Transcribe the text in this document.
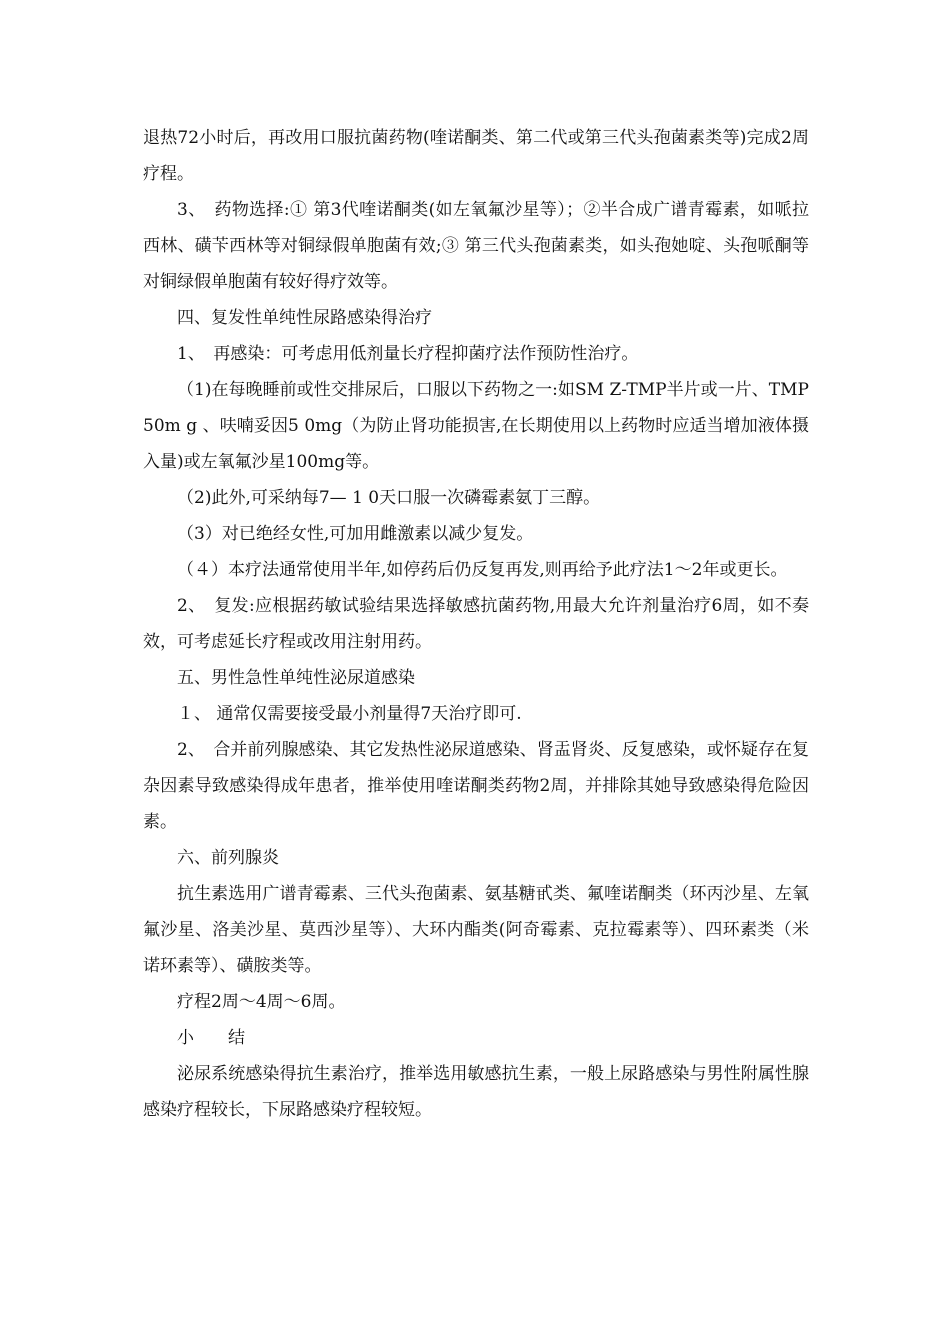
退热72小时后，再改用口服抗菌药物(喹诺酮类、第二代或第三代头孢菌素类等)完成2周疗程。

3、　药物选择:① 第3代喹诺酮类(如左氧氟沙星等）；②半合成广谱青霉素，如哌拉西林、磺苄西林等对铜绿假单胞菌有效;③ 第三代头孢菌素类，如头孢她啶、头孢哌酮等对铜绿假单胞菌有较好得疗效等。

四、复发性单纯性尿路感染得治疗

1、　再感染：可考虑用低剂量长疗程抑菌疗法作预防性治疗。

（1)在每晚睡前或性交排尿后，口服以下药物之一:如SM Z-TMP半片或一片、TMP50m g 、呋喃妥因5 0mg（为防止肾功能损害,在长期使用以上药物时应适当增加液体摄入量)或左氧氟沙星100mg等。

（2)此外,可采纳每7— 1 0天口服一次磷霉素氨丁三醇。

（3）对已绝经女性,可加用雌激素以减少复发。

（４）本疗法通常使用半年,如停药后仍反复再发,则再给予此疗法1～2年或更长。

2、　复发:应根据药敏试验结果选择敏感抗菌药物,用最大允许剂量治疗6周，如不奏效，可考虑延长疗程或改用注射用药。

五、男性急性单纯性泌尿道感染

１、 通常仅需要接受最小剂量得7天治疗即可.

2、　合并前列腺感染、其它发热性泌尿道感染、肾盂肾炎、反复感染，或怀疑存在复杂因素导致感染得成年患者，推举使用喹诺酮类药物2周，并排除其她导致感染得危险因素。

六、前列腺炎

抗生素选用广谱青霉素、三代头孢菌素、氨基糖甙类、氟喹诺酮类（环丙沙星、左氧氟沙星、洛美沙星、莫西沙星等）、大环内酯类(阿奇霉素、克拉霉素等）、四环素类（米诺环素等）、磺胺类等。

疗程2周～4周～6周。

小　　结

泌尿系统感染得抗生素治疗，推举选用敏感抗生素，一般上尿路感染与男性附属性腺感染疗程较长，下尿路感染疗程较短。
